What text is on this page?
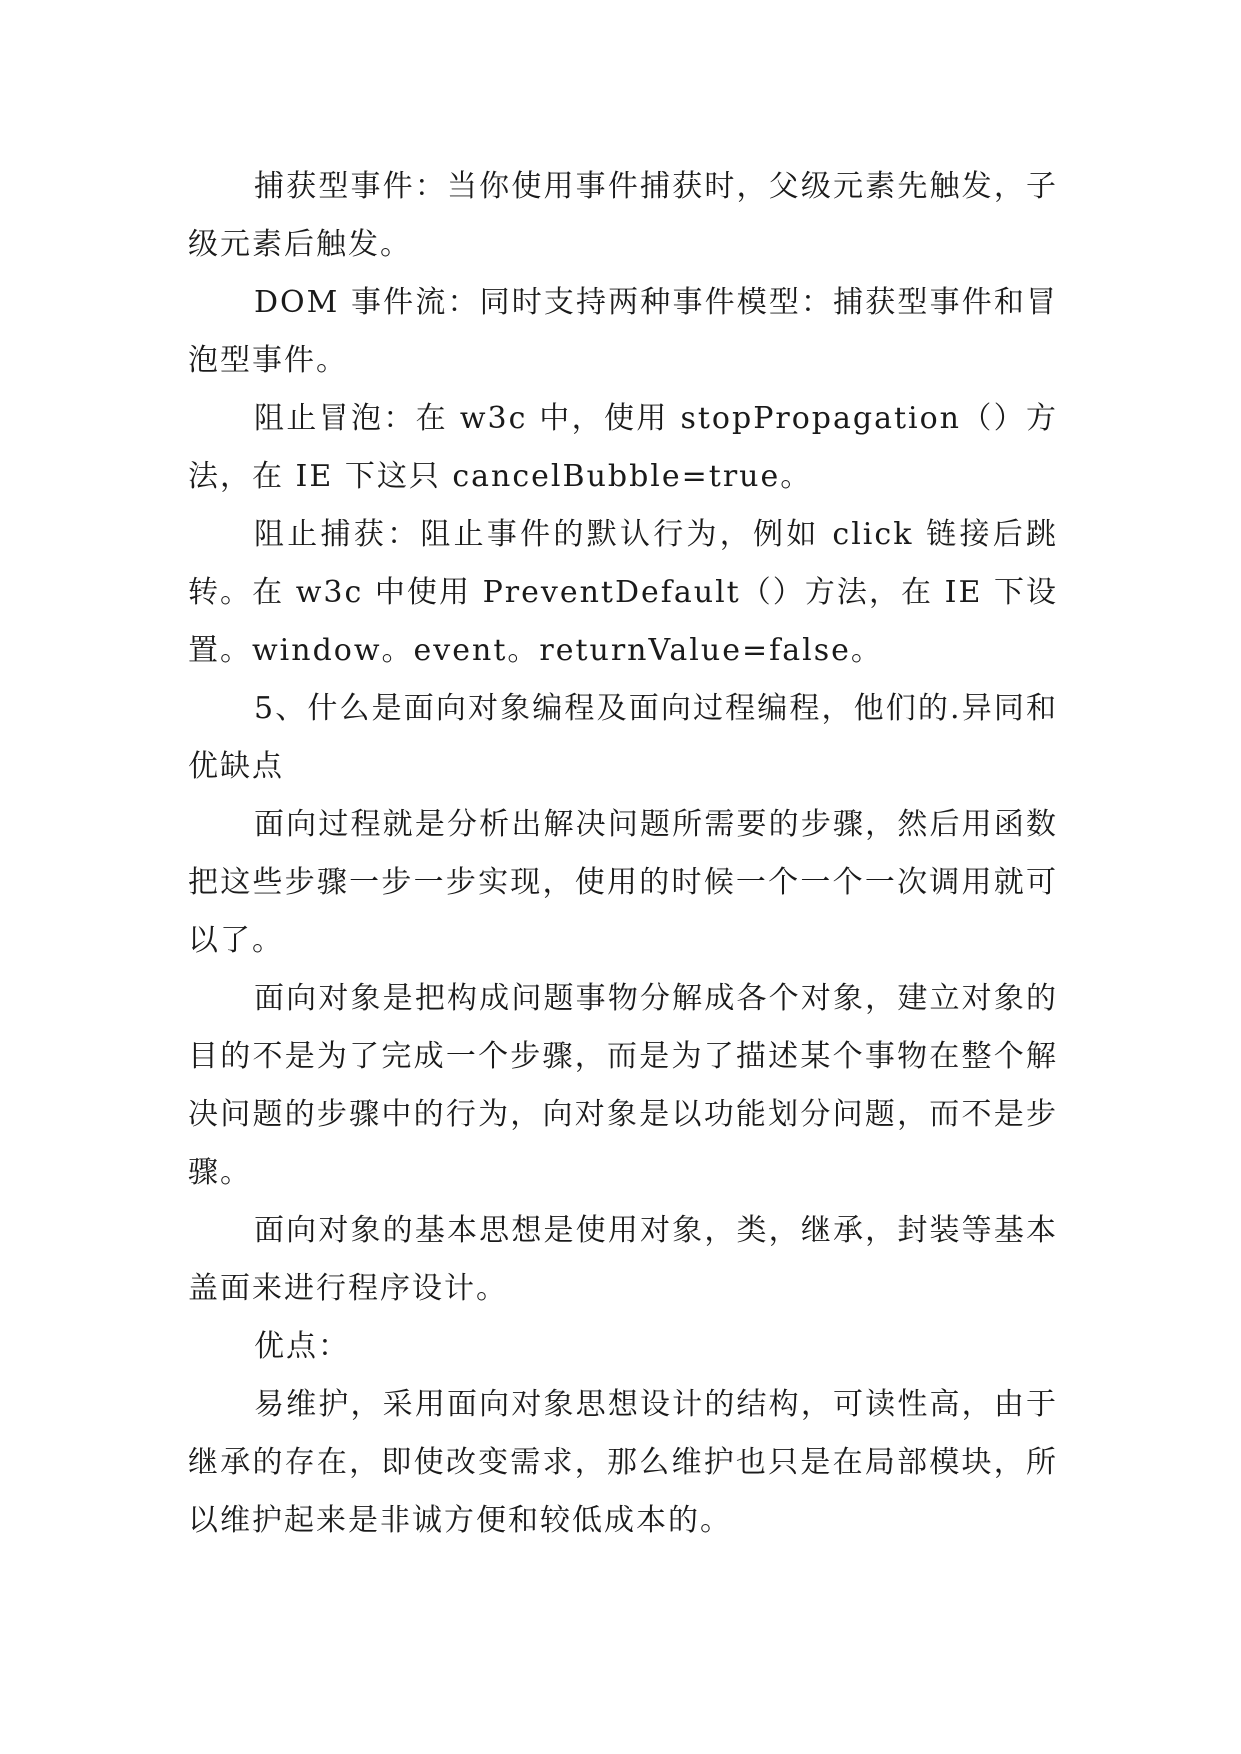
捕获型事件：当你使用事件捕获时，父级元素先触发，子级元素后触发。

DOM 事件流：同时支持两种事件模型：捕获型事件和冒泡型事件。

阻止冒泡：在 w3c 中，使用 stopPropagation（）方法，在 IE 下这只 cancelBubble=true。

阻止捕获：阻止事件的默认行为，例如 click 链接后跳转。在 w3c 中使用 PreventDefault（）方法，在 IE 下设置。window。event。returnValue=false。

5、什么是面向对象编程及面向过程编程，他们的.异同和优缺点

面向过程就是分析出解决问题所需要的步骤，然后用函数把这些步骤一步一步实现，使用的时候一个一个一次调用就可以了。

面向对象是把构成问题事物分解成各个对象，建立对象的目的不是为了完成一个步骤，而是为了描述某个事物在整个解决问题的步骤中的行为，向对象是以功能划分问题，而不是步骤。

面向对象的基本思想是使用对象，类，继承，封装等基本盖面来进行程序设计。

优点：

易维护，采用面向对象思想设计的结构，可读性高，由于继承的存在，即使改变需求，那么维护也只是在局部模块，所以维护起来是非诚方便和较低成本的。
